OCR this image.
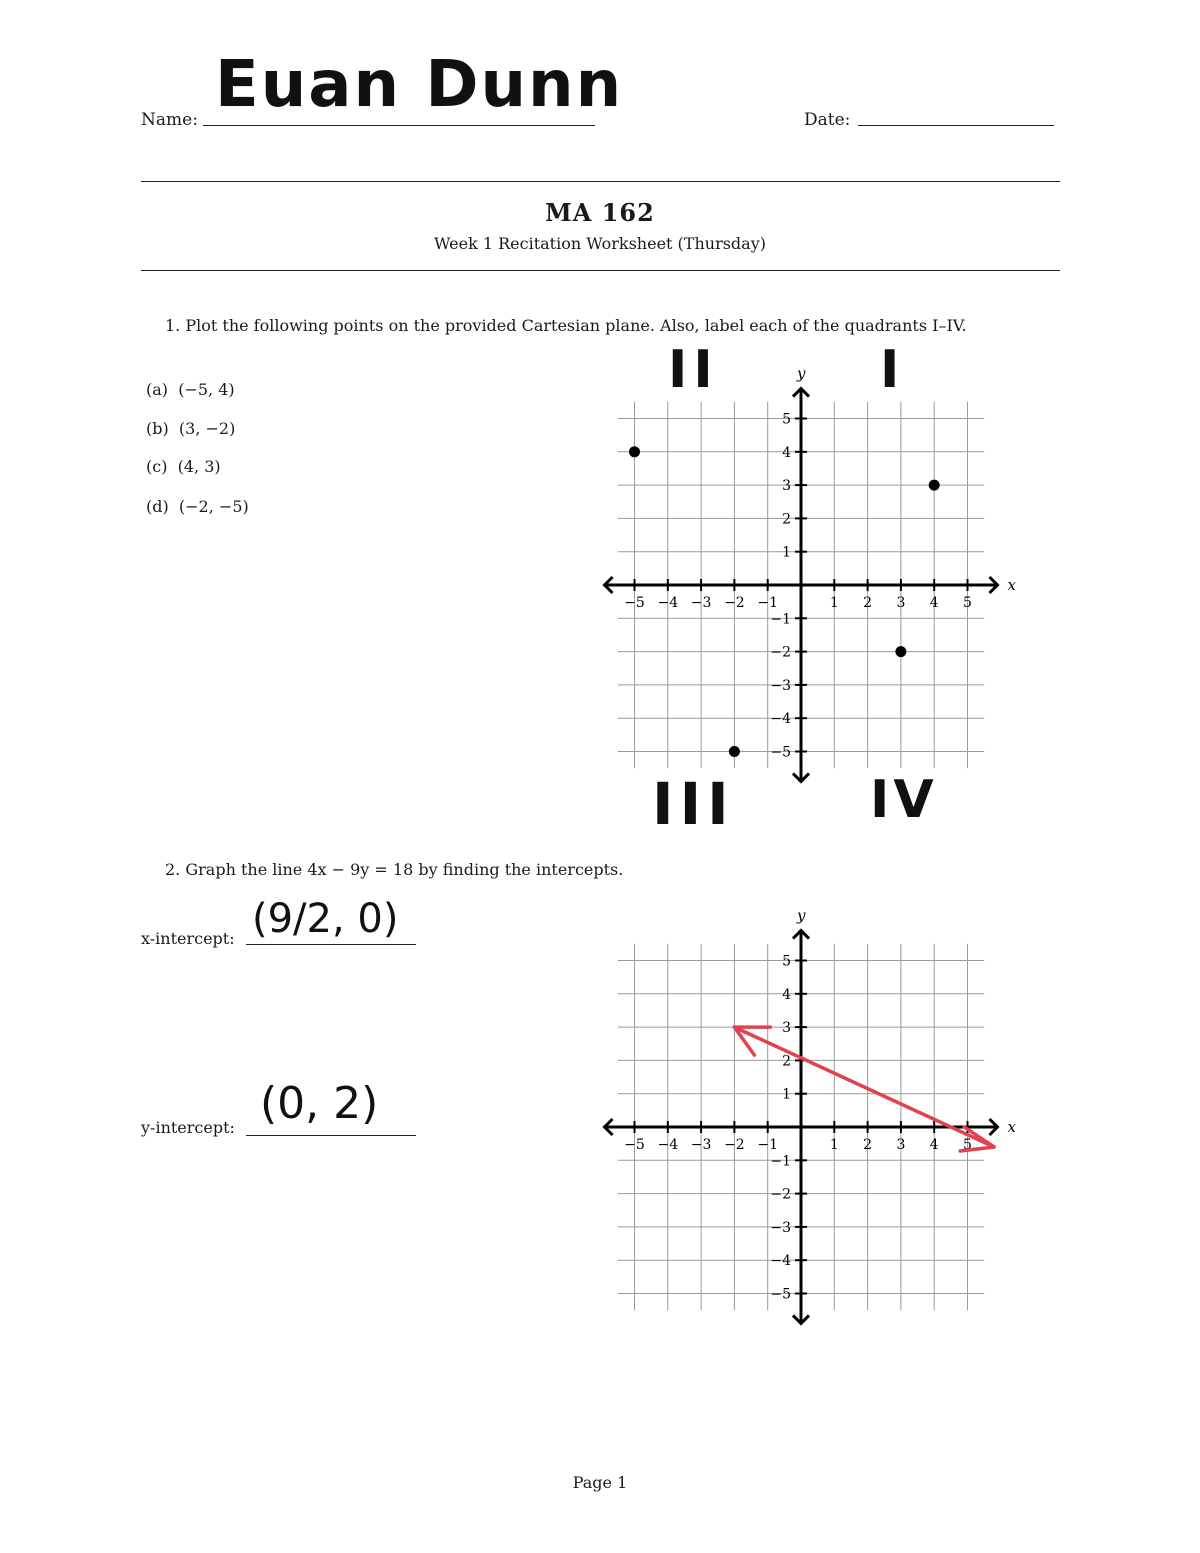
Name: Euan Dunn	Date:
MA 162
Week 1 Recitation Worksheet (Thursday)
1. Plot the following points on the provided Cartesian plane. Also, label each of the quadrants I–IV.
(a) (−5, 4)
(b) (3, −2)
(c) (4, 3)
(d) (−2, −5)
II	I
III	IV
x
y
−5 −4 −3 −2 −1	1 2 3 4 5
−5
−4
−3
−2
−1
1
2
3
4
5
2. Graph the line 4x − 9y = 18 by finding the intercepts.
x-intercept: (9/2, 0)
y-intercept: (0, 2)	x
y
−5 −4 −3 −2 −1	1 2 3 4 5
−5
−4
−3
−2
−1
1
2
3
4
5
Page 1
